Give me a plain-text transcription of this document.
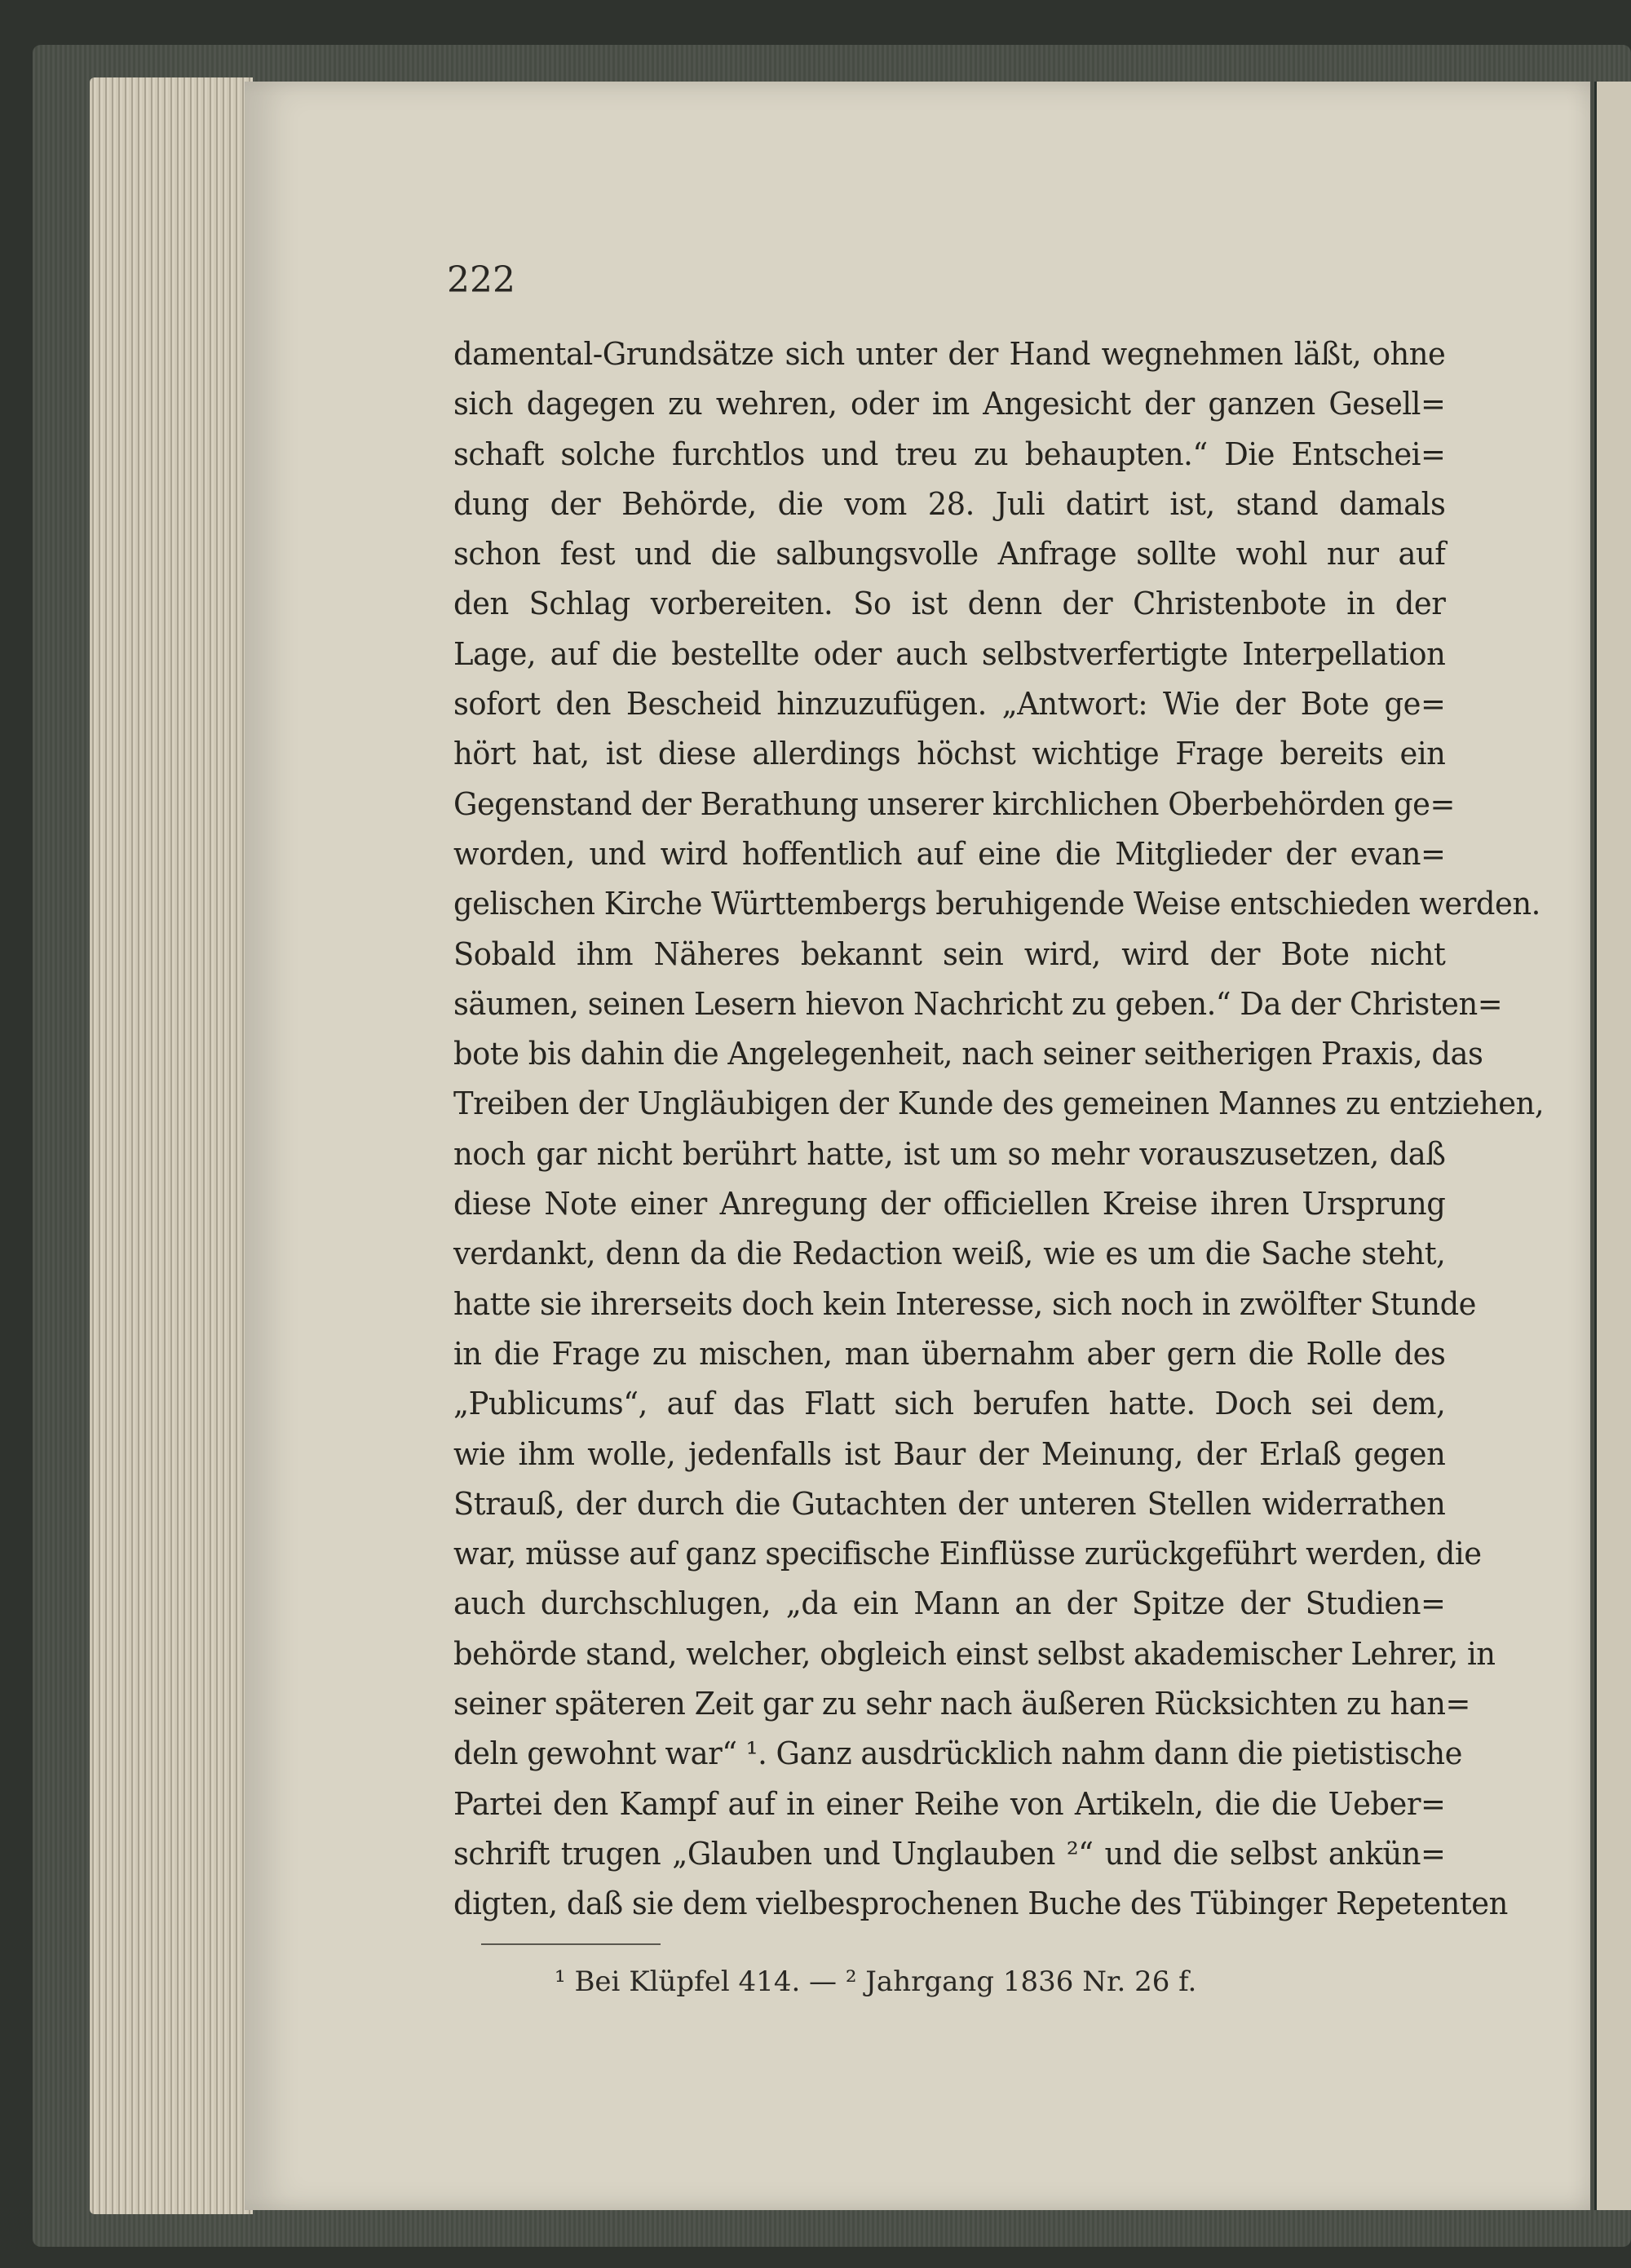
222
damental-Grundsätze sich unter der Hand wegnehmen läßt, ohne
sich dagegen zu wehren, oder im Angesicht der ganzen Gesell=
schaft solche furchtlos und treu zu behaupten.“ Die Entschei=
dung der Behörde, die vom 28. Juli datirt ist, stand damals
schon fest und die salbungsvolle Anfrage sollte wohl nur auf
den Schlag vorbereiten. So ist denn der Christenbote in der
Lage, auf die bestellte oder auch selbstverfertigte Interpellation
sofort den Bescheid hinzuzufügen. „Antwort: Wie der Bote ge=
hört hat, ist diese allerdings höchst wichtige Frage bereits ein
Gegenstand der Berathung unserer kirchlichen Oberbehörden ge=
worden, und wird hoffentlich auf eine die Mitglieder der evan=
gelischen Kirche Württembergs beruhigende Weise entschieden werden.
Sobald ihm Näheres bekannt sein wird, wird der Bote nicht
säumen, seinen Lesern hievon Nachricht zu geben.“ Da der Christen=
bote bis dahin die Angelegenheit, nach seiner seitherigen Praxis, das
Treiben der Ungläubigen der Kunde des gemeinen Mannes zu entziehen,
noch gar nicht berührt hatte, ist um so mehr vorauszusetzen, daß
diese Note einer Anregung der officiellen Kreise ihren Ursprung
verdankt, denn da die Redaction weiß, wie es um die Sache steht,
hatte sie ihrerseits doch kein Interesse, sich noch in zwölfter Stunde
in die Frage zu mischen, man übernahm aber gern die Rolle des
„Publicums“, auf das Flatt sich berufen hatte. Doch sei dem,
wie ihm wolle, jedenfalls ist Baur der Meinung, der Erlaß gegen
Strauß, der durch die Gutachten der unteren Stellen widerrathen
war, müsse auf ganz specifische Einflüsse zurückgeführt werden, die
auch durchschlugen, „da ein Mann an der Spitze der Studien=
behörde stand, welcher, obgleich einst selbst akademischer Lehrer, in
seiner späteren Zeit gar zu sehr nach äußeren Rücksichten zu han=
deln gewohnt war“ ¹. Ganz ausdrücklich nahm dann die pietistische
Partei den Kampf auf in einer Reihe von Artikeln, die die Ueber=
schrift trugen „Glauben und Unglauben ²“ und die selbst ankün=
digten, daß sie dem vielbesprochenen Buche des Tübinger Repetenten
¹ Bei Klüpfel 414. — ² Jahrgang 1836 Nr. 26 f.
